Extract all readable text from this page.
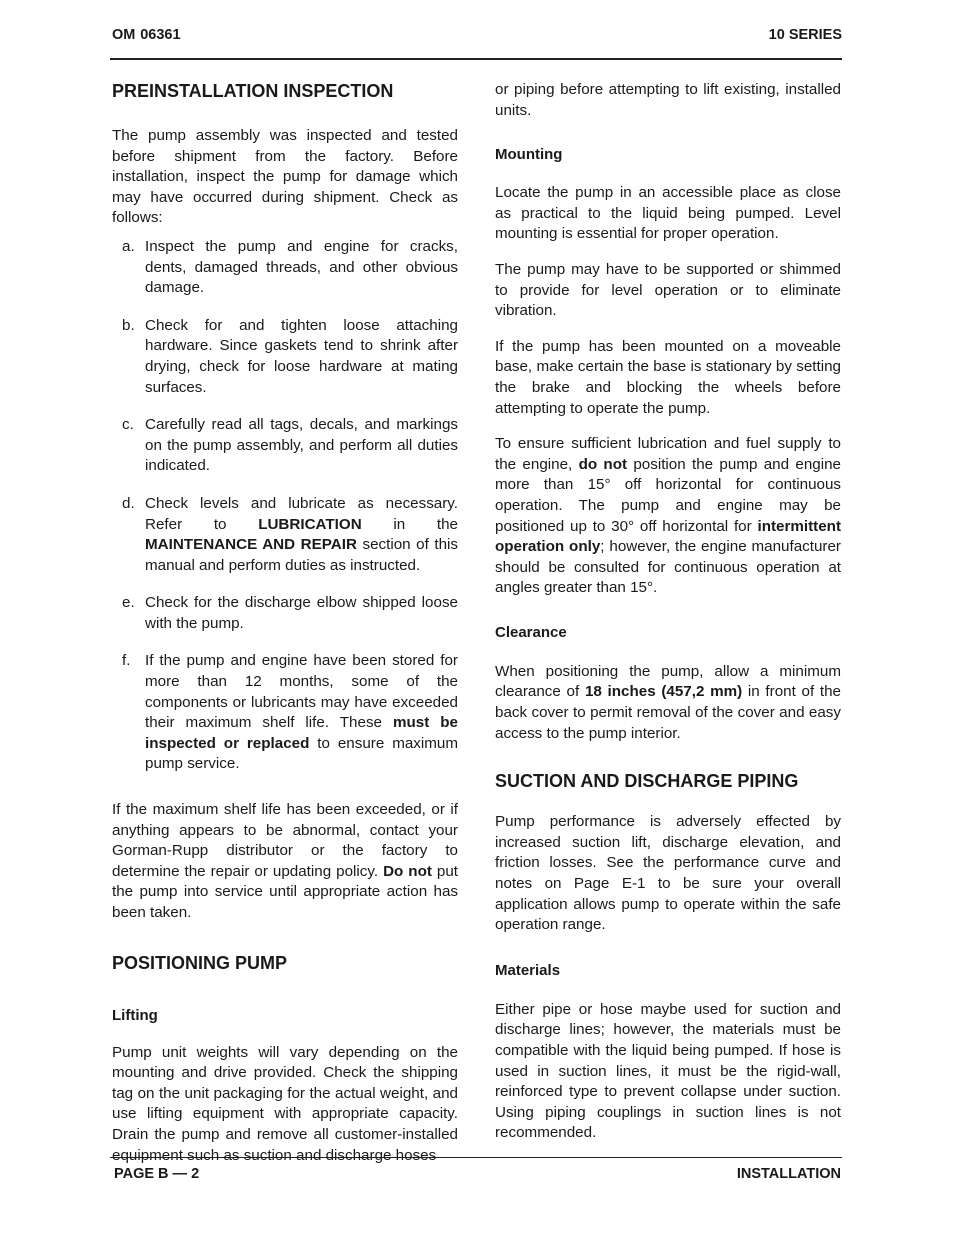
OM 06361	10 SERIES
PREINSTALLATION INSPECTION

The pump assembly was inspected and tested before shipment from the factory. Before installation, inspect the pump for damage which may have occurred during shipment. Check as follows:

a. Inspect the pump and engine for cracks, dents, damaged threads, and other obvious damage.
b. Check for and tighten loose attaching hardware. Since gaskets tend to shrink after drying, check for loose hardware at mating surfaces.
c. Carefully read all tags, decals, and markings on the pump assembly, and perform all duties indicated.
d. Check levels and lubricate as necessary. Refer to LUBRICATION in the MAINTENANCE AND REPAIR section of this manual and perform duties as instructed.
e. Check for the discharge elbow shipped loose with the pump.
f. If the pump and engine have been stored for more than 12 months, some of the components or lubricants may have exceeded their maximum shelf life. These must be inspected or replaced to ensure maximum pump service.

If the maximum shelf life has been exceeded, or if anything appears to be abnormal, contact your Gorman-Rupp distributor or the factory to determine the repair or updating policy. Do not put the pump into service until appropriate action has been taken.

POSITIONING PUMP
Lifting

Pump unit weights will vary depending on the mounting and drive provided. Check the shipping tag on the unit packaging for the actual weight, and use lifting equipment with appropriate capacity. Drain the pump and remove all customer-installed equipment such as suction and discharge hoses

or piping before attempting to lift existing, installed units.

Mounting

Locate the pump in an accessible place as close as practical to the liquid being pumped. Level mounting is essential for proper operation.

The pump may have to be supported or shimmed to provide for level operation or to eliminate vibration.

If the pump has been mounted on a moveable base, make certain the base is stationary by setting the brake and blocking the wheels before attempting to operate the pump.

To ensure sufficient lubrication and fuel supply to the engine, do not position the pump and engine more than 15° off horizontal for continuous operation. The pump and engine may be positioned up to 30° off horizontal for intermittent operation only; however, the engine manufacturer should be consulted for continuous operation at angles greater than 15°.

Clearance

When positioning the pump, allow a minimum clearance of 18 inches (457,2 mm) in front of the back cover to permit removal of the cover and easy access to the pump interior.

SUCTION AND DISCHARGE PIPING

Pump performance is adversely effected by increased suction lift, discharge elevation, and friction losses. See the performance curve and notes on Page E-1 to be sure your overall application allows pump to operate within the safe operation range.

Materials

Either pipe or hose maybe used for suction and discharge lines; however, the materials must be compatible with the liquid being pumped. If hose is used in suction lines, it must be the rigid-wall, reinforced type to prevent collapse under suction. Using piping couplings in suction lines is not recommended.

PAGE B — 2	INSTALLATION
